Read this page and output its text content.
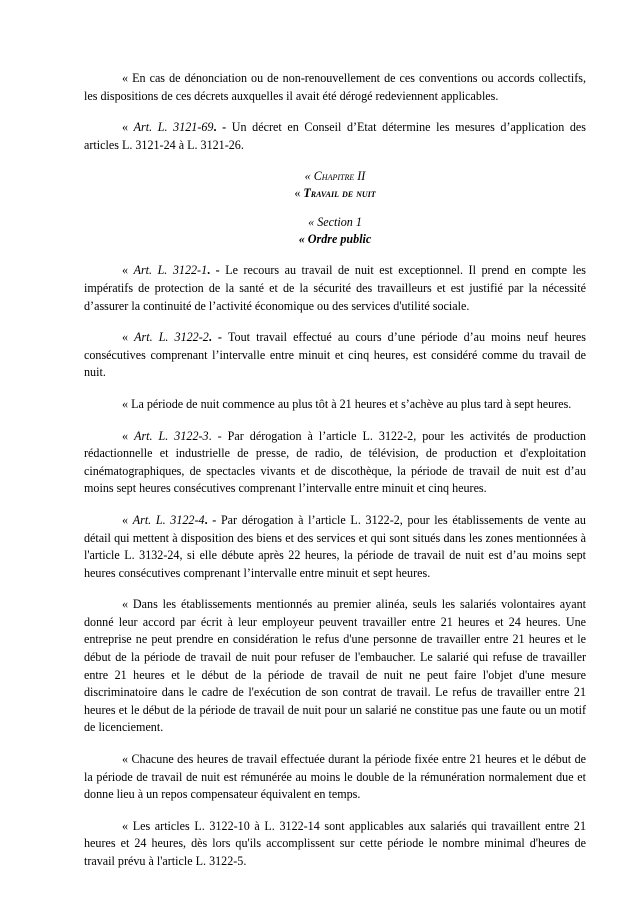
« En cas de dénonciation ou de non-renouvellement de ces conventions ou accords collectifs, les dispositions de ces décrets auxquelles il avait été dérogé redeviennent applicables.

« Art. L. 3121-69. - Un décret en Conseil d’Etat détermine les mesures d’application des articles L. 3121-24 à L. 3121-26.

« Chapitre II

« Travail de nuit

« Section 1

« Ordre public

« Art. L. 3122-1. - Le recours au travail de nuit est exceptionnel. Il prend en compte les impératifs de protection de la santé et de la sécurité des travailleurs et est justifié par la nécessité d’assurer la continuité de l’activité économique ou des services d'utilité sociale.

« Art. L. 3122-2. - Tout travail effectué au cours d’une période d’au moins neuf heures consécutives comprenant l’intervalle entre minuit et cinq heures, est considéré comme du travail de nuit.

« La période de nuit commence au plus tôt à 21 heures et s’achève au plus tard à sept heures.

« Art. L. 3122-3. - Par dérogation à l’article L. 3122-2, pour les activités de production rédactionnelle et industrielle de presse, de radio, de télévision, de production et d'exploitation cinématographiques, de spectacles vivants et de discothèque, la période de travail de nuit est d’au moins sept heures consécutives comprenant l’intervalle entre minuit et cinq heures.

« Art. L. 3122-4. - Par dérogation à l’article L. 3122-2, pour les établissements de vente au détail qui mettent à disposition des biens et des services et qui sont situés dans les zones mentionnées à l'article L. 3132-24, si elle débute après 22 heures, la période de travail de nuit est d’au moins sept heures consécutives comprenant l’intervalle entre minuit et sept heures.

« Dans les établissements mentionnés au premier alinéa, seuls les salariés volontaires ayant donné leur accord par écrit à leur employeur peuvent travailler entre 21 heures et 24 heures. Une entreprise ne peut prendre en considération le refus d'une personne de travailler entre 21 heures et le début de la période de travail de nuit pour refuser de l'embaucher. Le salarié qui refuse de travailler entre 21 heures et le début de la période de travail de nuit ne peut faire l'objet d'une mesure discriminatoire dans le cadre de l'exécution de son contrat de travail. Le refus de travailler entre 21 heures et le début de la période de travail de nuit pour un salarié ne constitue pas une faute ou un motif de licenciement.

« Chacune des heures de travail effectuée durant la période fixée entre 21 heures et le début de la période de travail de nuit est rémunérée au moins le double de la rémunération normalement due et donne lieu à un repos compensateur équivalent en temps.

« Les articles L. 3122-10 à L. 3122-14 sont applicables aux salariés qui travaillent entre 21 heures et 24 heures, dès lors qu'ils accomplissent sur cette période le nombre minimal d'heures de travail prévu à l'article L. 3122-5.
